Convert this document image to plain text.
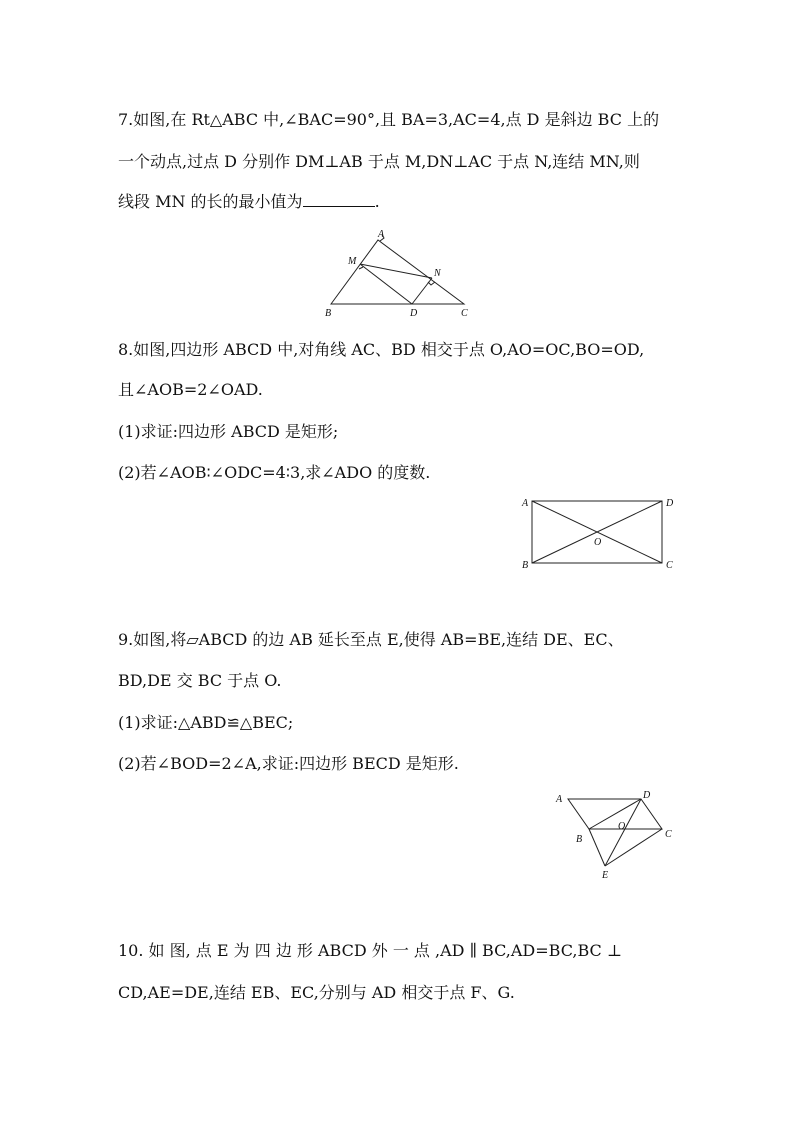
7.如图,在 Rt△ABC 中,∠BAC=90°,且 BA=3,AC=4,点 D 是斜边 BC 上的
一个动点,过点 D 分别作 DM⊥AB 于点 M,DN⊥AC 于点 N,连结 MN,则
线段 MN 的长的最小值为	.
A
B	C
D
M
N
8.如图,四边形 ABCD 中,对角线 AC、BD 相交于点 O,AO=OC,BO=OD,
且∠AOB=2∠OAD.
(1)求证:四边形 ABCD 是矩形;
(2)若∠AOB∶∠ODC=4∶3,求∠ADO 的度数.
A
B	C
D
O
9.如图,将▱ABCD 的边 AB 延长至点 E,使得 AB=BE,连结 DE、EC、
BD,DE 交 BC 于点 O.
(1)求证:△ABD≌△BEC;
(2)若∠BOD=2∠A,求证:四边形 BECD 是矩形.
A
B	C
D
E
O
10. 如 图, 点 E 为 四 边 形 ABCD 外 一 点 ,AD ∥ BC,AD=BC,BC ⊥
CD,AE=DE,连结 EB、EC,分别与 AD 相交于点 F、G.
